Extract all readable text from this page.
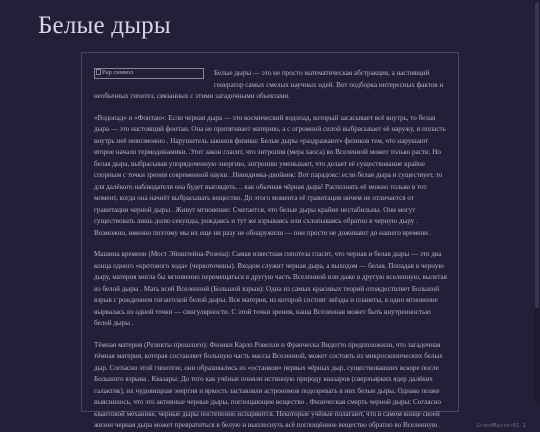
Белые дыры
Рар символ	Белые дыры — это не просто математическая абстракция, а настоящий генератор самых смелых научных идей. Вот подборка интересных фактов и необычных гипотез, связанных с этими загадочными объектами.

«Водопад» и «Фонтан»: Если черная дыра — это космический водопад, который засасывает всё внутрь, то белая дыра — это настоящий фонтан. Она не притягивает материю, а с огромной силой выбрасывает её наружу, и попасть внутрь неё невозможно . Нарушитель законов физики: Белые дыры «раздражают» физиков тем, что нарушают второе начало термодинамики. Этот закон гласит, что энтропия (мера хаоса) во Вселенной может только расти. Но белая дыра, выбрасывая упорядоченную энергию, энтропию уменьшает, что делает её существование крайне спорным с точки зрения современной науки . Невидимка-двойник: Вот парадокс: если белая дыра и существует, то для далёкого наблюдателя она будет выглядеть… как обычная чёрная дыра! Распознать её можно только в тот момент, когда она начнёт выбрасывать вещество. До этого момента её гравитация ничем не отличается от гравитации черной дыры . Живут мгновение: Считается, что белые дыры крайне нестабильны. Они могут существовать лишь долю секунды, рождаясь и тут же взрываясь или схлопываясь обратно в черную дыру . Возможно, именно поэтому мы их еще ни разу не обнаружили — они просто не доживают до нашего времени .

Машина времени (Мост Эйнштейна-Розена): Самая известная гипотеза гласит, что черная и белая дыры — это два конца одного «кротового хода» (червоточины). Входом служит черная дыра, а выходом — белая. Попадая в черную дыру, материя могла бы мгновенно перемещаться в другую часть Вселенной или даже в другую вселенную, вылетая из белой дыры . Мать всей Вселенной (Большой взрыв): Одна из самых красивых теорий отождествляет Большой взрыв с рождением гигантской белой дыры. Вся материя, из которой состоят звёзды и планеты, в одно мгновение вырвалась из одной точки — сингулярности. С этой точки зрения, наша Вселенная может быть внутренностью белой дыры .

Тёмная материя (Реликты прошлого): Физики Карло Ровелли и Франческа Видотто предположили, что загадочная тёмная материя, которая составляет большую часть массы Вселенной, может состоять из микроскопических белых дыр. Согласно этой гипотезе, они образовались из «останков» первых чёрных дыр, существовавших вскоре после Большого взрыва . Квазары: До того как учёные поняли истинную природу квазаров (сверхъярких ядер далёких галактик), их чудовищная энергия и яркость заставляли астрономов подозревать в них белые дыры. Однако позже выяснилось, что это активные черные дыры, поглощающие вещество . Физическая смерть черной дыры: Согласно квантовой механике, черные дыры постепенно испаряются. Некоторые учёные полагают, что в самом конце своей жизни черная дыра может превратиться в белую и выплеснуть всё поглощённое вещество обратно во Вселенную .	GrandMasterAI 1
